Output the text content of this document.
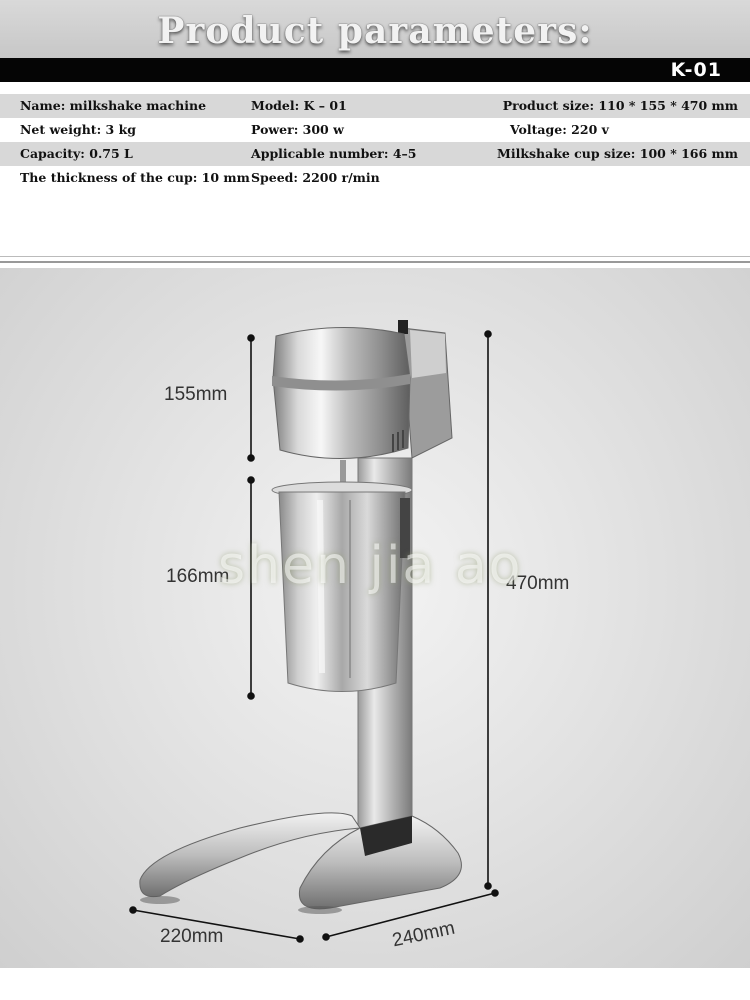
Product parameters:
K-01
Name: milkshake machine	Model: K – 01	Product size: 110 * 155 * 470 mm
Net weight: 3 kg	Power: 300 w	Voltage: 220 v
Capacity: 0.75 L	Applicable number: 4–5	Milkshake cup size: 100 * 166 mm
The thickness of the cup: 10 mm Speed: 2200 r/min
155mm
166mm	470mm
220mm	240mm
shen jia ao
